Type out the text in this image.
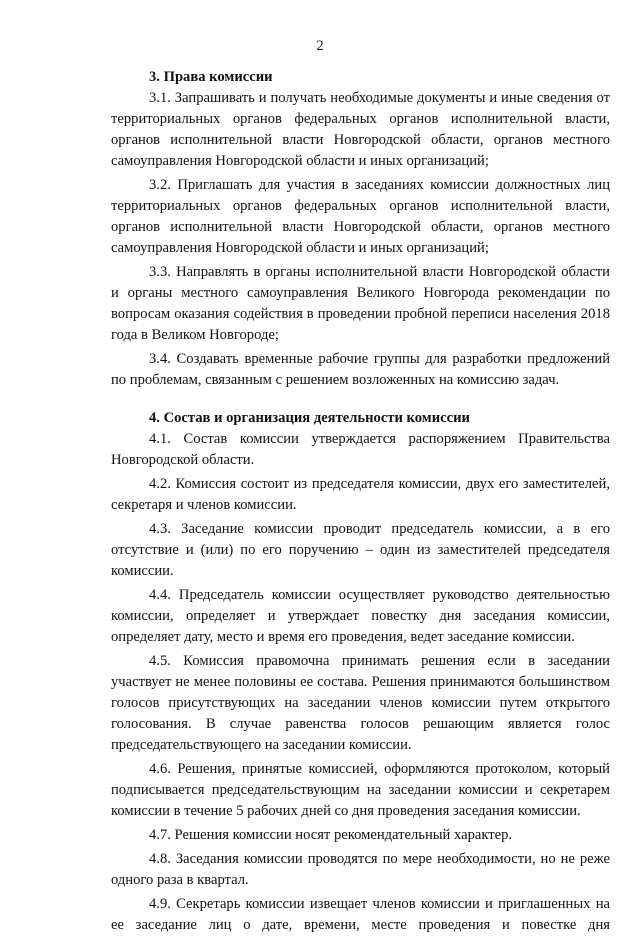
2

3. Права комиссии

3.1. Запрашивать и получать необходимые документы и иные сведения от территориальных органов федеральных органов исполнительной власти, органов исполнительной власти Новгородской области, органов местного самоуправления Новгородской области и иных организаций;

3.2. Приглашать для участия в заседаниях комиссии должностных лиц территориальных органов федеральных органов исполнительной власти, органов исполнительной власти Новгородской области, органов местного самоуправления Новгородской области и иных организаций;

3.3. Направлять в органы исполнительной власти Новгородской области и органы местного самоуправления Великого Новгорода рекомендации по вопросам оказания содействия в проведении пробной переписи населения 2018 года в Великом Новгороде;

3.4. Создавать временные рабочие группы для разработки предложений по проблемам, связанным с решением возложенных на комиссию задач.

4. Состав и организация деятельности комиссии

4.1. Состав комиссии утверждается распоряжением Правительства Новгородской области.

4.2. Комиссия состоит из председателя комиссии, двух его заместителей, секретаря и членов комиссии.

4.3. Заседание комиссии проводит председатель комиссии, а в его отсутствие и (или) по его поручению – один из заместителей председателя комиссии.

4.4. Председатель комиссии осуществляет руководство деятельностью комиссии, определяет и утверждает повестку дня заседания комиссии, определяет дату, место и время его проведения, ведет заседание комиссии.

4.5. Комиссия правомочна принимать решения если в заседании участвует не менее половины ее состава. Решения принимаются большинством голосов присутствующих на заседании членов комиссии путем открытого голосования. В случае равенства голосов решающим является голос председательствующего на заседании комиссии.

4.6. Решения, принятые комиссией, оформляются протоколом, который подписывается председательствующим на заседании комиссии и секретарем комиссии в течение 5 рабочих дней со дня проведения заседания комиссии.

4.7. Решения комиссии носят рекомендательный характер.

4.8. Заседания комиссии проводятся по мере необходимости, но не реже одного раза в квартал.

4.9. Секретарь комиссии извещает членов комиссии и приглашенных на ее заседание лиц о дате, времени, месте проведения и повестке дня
